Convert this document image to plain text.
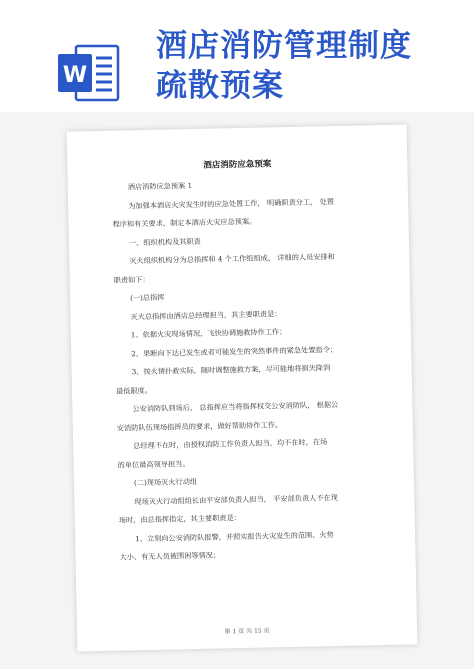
W
酒店消防管理制度
疏散预案
酒店消防应急预案

酒店消防应急预案 1

为加强本酒店火灾发生时的应急处置工作， 明确职责分工， 处置

程序和有关要求，制定本酒店火灾应急预案。

一、组织机构及其职责

灭火组织机构分为总指挥和 4 个工作组组成， 详细的人员安排和

职责如下：

(一)总指挥

灭火总指挥由酒店总经理担当，其主要职责是：

1、依据火灾现场情况，飞快协调施救协作工作；

2、果断向下达已发生或者可能发生的突然事件的紧急处置指令；

3、按火情扑救实际，随时调整施救方案，尽可能地将损失降到

最低限度。

公安消防队到场后， 总指挥应当将指挥权交公安消防队， 根据公

安消防队伍现场指挥员的要求，做好帮助协作工作。

总经理不在时，由授权消防工作负责人担当，均不在时，在场

的单位最高领导担当。

(二)现场灭火行动组

现场灭火行动组组长由平安部负责人担当， 平安部负责人不在现

场时，由总指挥指定，其主要职责是：

1、立刻向公安消防队报警，并照实报告火灾发生的范围、火势

大小、有无人员被围困等情况；

第 1 页 共 15 页
